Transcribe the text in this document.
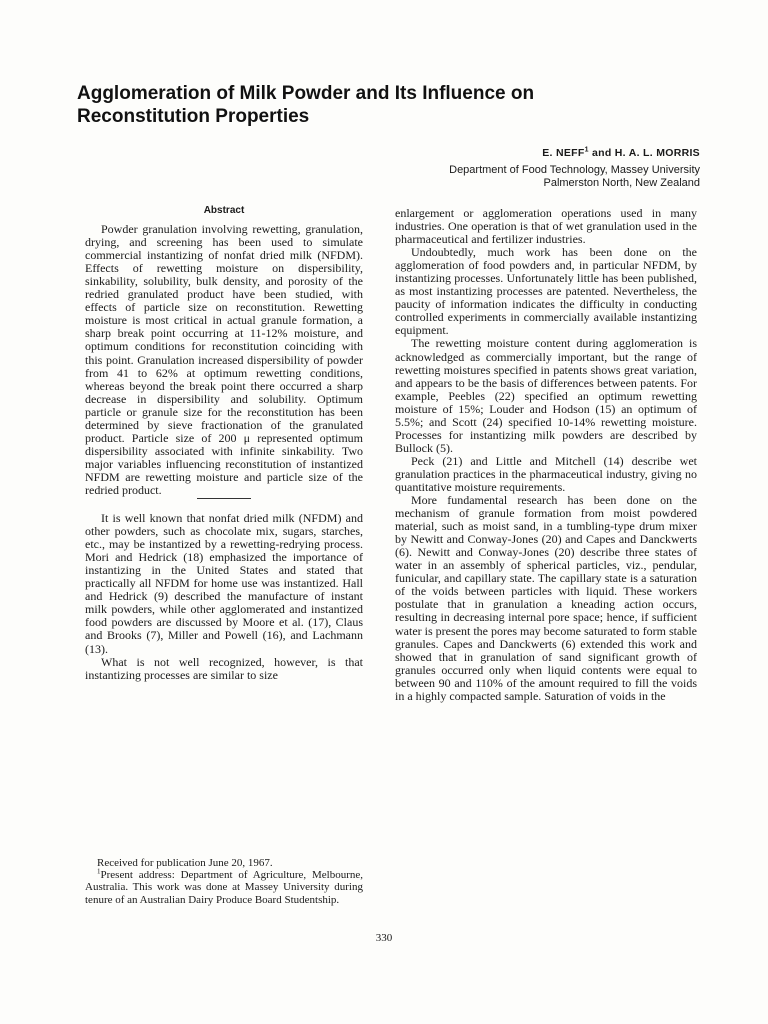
Agglomeration of Milk Powder and Its Influence on Reconstitution Properties
E. NEFF$^1$ and H. A. L. MORRIS
Department of Food Technology, Massey University
Palmerston North, New Zealand
Abstract

Powder granulation involving rewetting, granulation, drying, and screening has been used to simulate commercial instantizing of nonfat dried milk (NFDM). Effects of rewetting moisture on dispersibility, sinkability, solubility, bulk density, and porosity of the redried granulated product have been studied, with effects of particle size on reconstitution. Rewetting moisture is most critical in actual granule formation, a sharp break point occurring at 11-12% moisture, and optimum conditions for reconstitution coinciding with this point. Granulation increased dispersibility of powder from 41 to 62% at optimum rewetting conditions, whereas beyond the break point there occurred a sharp decrease in dispersibility and solubility. Optimum particle or granule size for the reconstitution has been determined by sieve fractionation of the granulated product. Particle size of 200 μ represented optimum dispersibility associated with infinite sinkability. Two major variables influencing reconstitution of instantized NFDM are rewetting moisture and particle size of the redried product.

It is well known that nonfat dried milk (NFDM) and other powders, such as chocolate mix, sugars, starches, etc., may be instantized by a rewetting-redrying process. Mori and Hedrick (18) emphasized the importance of instantizing in the United States and stated that practically all NFDM for home use was instantized. Hall and Hedrick (9) described the manufacture of instant milk powders, while other agglomerated and instantized food powders are discussed by Moore et al. (17), Claus and Brooks (7), Miller and Powell (16), and Lachmann (13).

What is not well recognized, however, is that instantizing processes are similar to size

Received for publication June 20, 1967.

$^1$Present address: Department of Agriculture, Melbourne, Australia. This work was done at Massey University during tenure of an Australian Dairy Produce Board Studentship.

enlargement or agglomeration operations used in many industries. One operation is that of wet granulation used in the pharmaceutical and fertilizer industries.

Undoubtedly, much work has been done on the agglomeration of food powders and, in particular NFDM, by instantizing processes. Unfortunately little has been published, as most instantizing processes are patented. Nevertheless, the paucity of information indicates the difficulty in conducting controlled experiments in commercially available instantizing equipment.

The rewetting moisture content during agglomeration is acknowledged as commercially important, but the range of rewetting moistures specified in patents shows great variation, and appears to be the basis of differences between patents. For example, Peebles (22) specified an optimum rewetting moisture of 15%; Louder and Hodson (15) an optimum of 5.5%; and Scott (24) specified 10-14% rewetting moisture. Processes for instantizing milk powders are described by Bullock (5).

Peck (21) and Little and Mitchell (14) describe wet granulation practices in the pharmaceutical industry, giving no quantitative moisture requirements.

More fundamental research has been done on the mechanism of granule formation from moist powdered material, such as moist sand, in a tumbling-type drum mixer by Newitt and Conway-Jones (20) and Capes and Danckwerts (6). Newitt and Conway-Jones (20) describe three states of water in an assembly of spherical particles, viz., pendular, funicular, and capillary state. The capillary state is a saturation of the voids between particles with liquid. These workers postulate that in granulation a kneading action occurs, resulting in decreasing internal pore space; hence, if sufficient water is present the pores may become saturated to form stable granules. Capes and Danckwerts (6) extended this work and showed that in granulation of sand significant growth of granules occurred only when liquid contents were equal to between 90 and 110% of the amount required to fill the voids in a highly compacted sample. Saturation of voids in the

330
